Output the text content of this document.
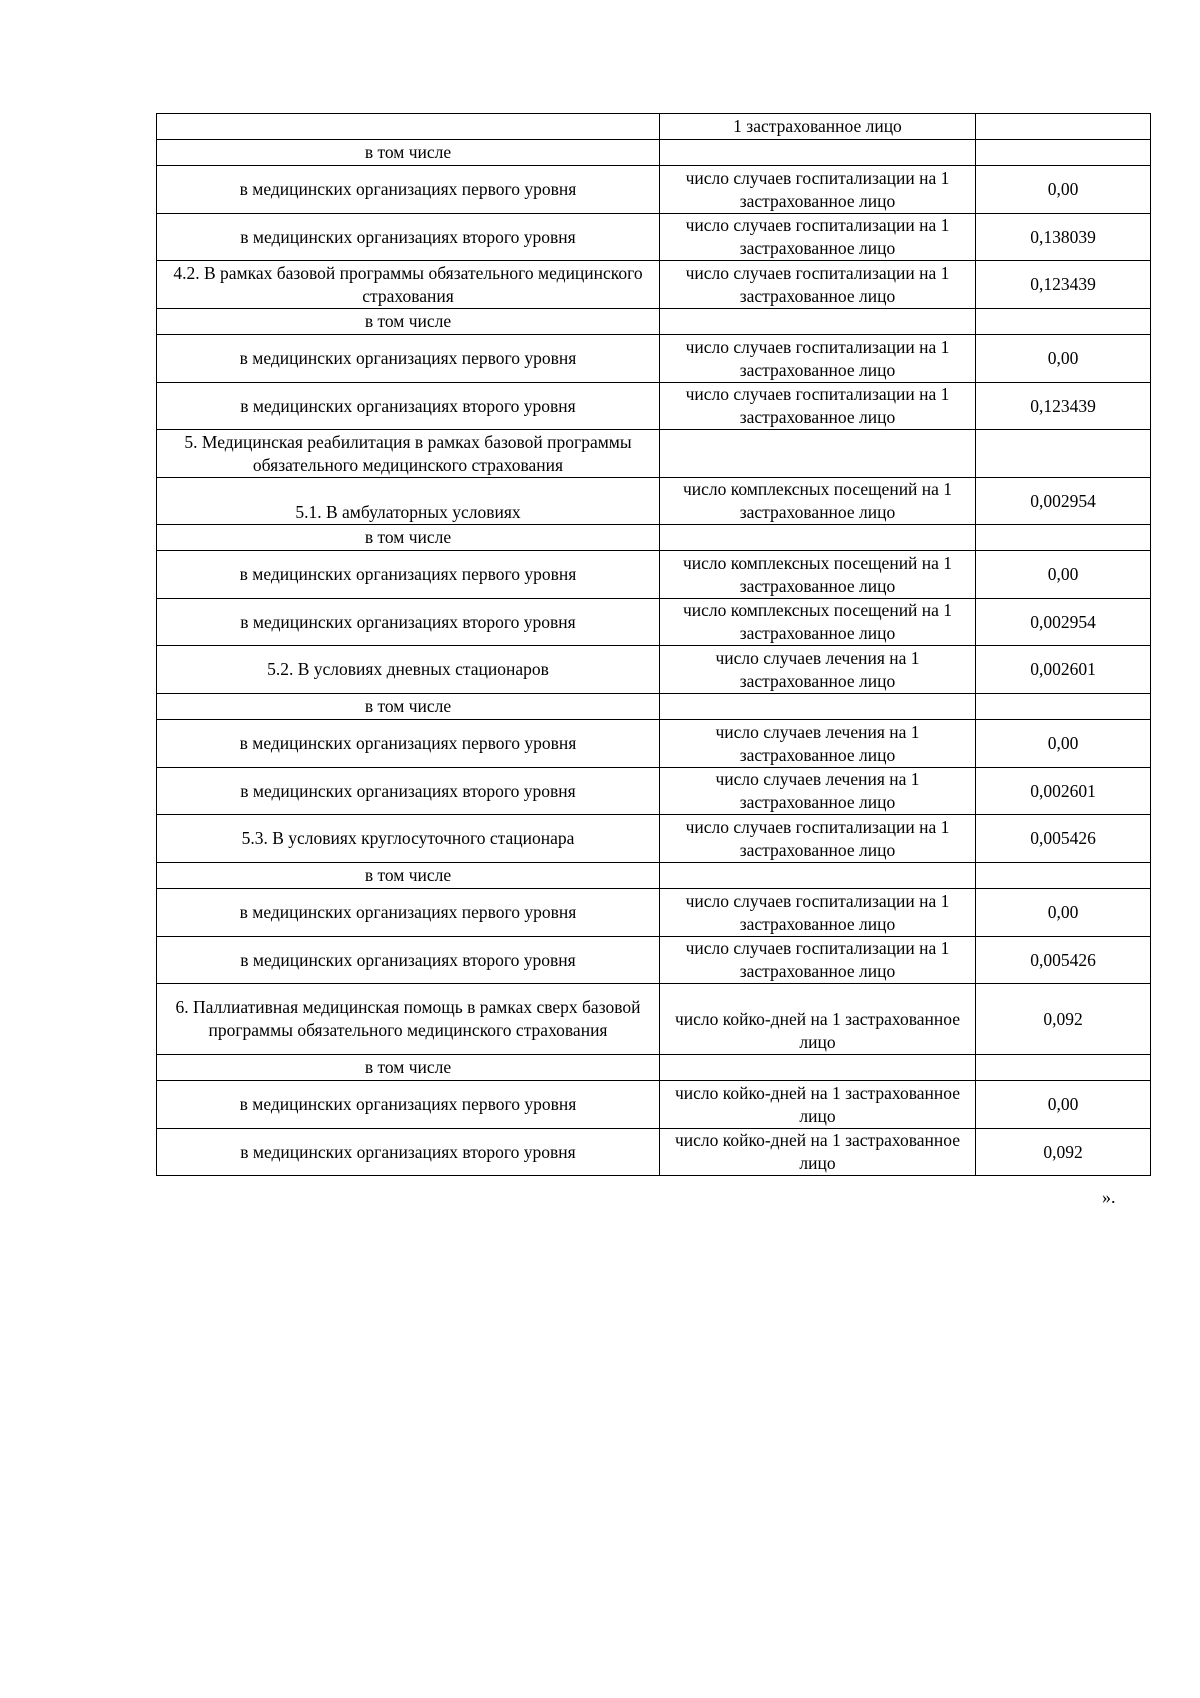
	1 застрахованное лицо	
в том числе		
в медицинских организациях первого уровня	число случаев госпитализации на 1 застрахованное лицо	0,00
в медицинских организациях второго уровня	число случаев госпитализации на 1 застрахованное лицо	0,138039
4.2. В рамках базовой программы обязательного медицинского страхования	число случаев госпитализации на 1 застрахованное лицо	0,123439
в том числе		
в медицинских организациях первого уровня	число случаев госпитализации на 1 застрахованное лицо	0,00
в медицинских организациях второго уровня	число случаев госпитализации на 1 застрахованное лицо	0,123439
5. Медицинская реабилитация в рамках базовой программы обязательного медицинского страхования		
5.1. В амбулаторных условиях	число комплексных посещений на 1 застрахованное лицо	0,002954
в том числе		
в медицинских организациях первого уровня	число комплексных посещений на 1 застрахованное лицо	0,00
в медицинских организациях второго уровня	число комплексных посещений на 1 застрахованное лицо	0,002954
5.2. В условиях дневных стационаров	число случаев лечения на 1 застрахованное лицо	0,002601
в том числе		
в медицинских организациях первого уровня	число случаев лечения на 1 застрахованное лицо	0,00
в медицинских организациях второго уровня	число случаев лечения на 1 застрахованное лицо	0,002601
5.3. В условиях круглосуточного стационара	число случаев госпитализации на 1 застрахованное лицо	0,005426
в том числе		
в медицинских организациях первого уровня	число случаев госпитализации на 1 застрахованное лицо	0,00
в медицинских организациях второго уровня	число случаев госпитализации на 1 застрахованное лицо	0,005426
6. Паллиативная медицинская помощь в рамках сверх базовой программы обязательного медицинского страхования	число койко-дней на 1 застрахованное лицо	0,092
в том числе		
в медицинских организациях первого уровня	число койко-дней на 1 застрахованное лицо	0,00
в медицинских организациях второго уровня	число койко-дней на 1 застрахованное лицо	0,092
».
